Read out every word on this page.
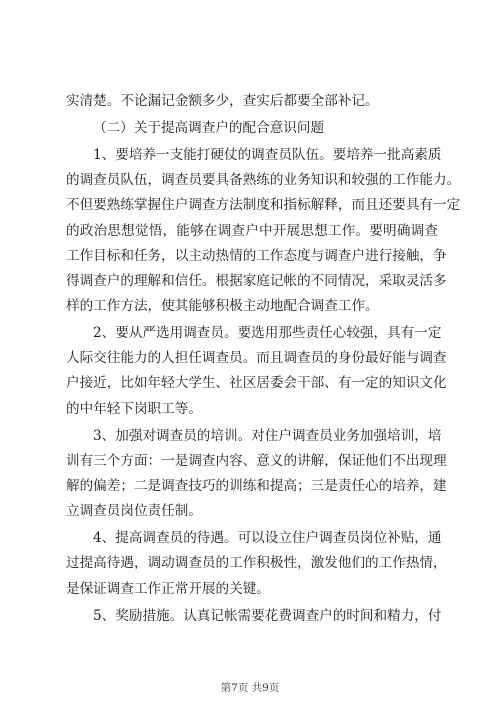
实清楚。不论漏记金额多少，查实后都要全部补记。
（二）关于提高调查户的配合意识问题
1、要培养一支能打硬仗的调查员队伍。要培养一批高素质
的调查员队伍，调查员要具备熟练的业务知识和较强的工作能力。
不但要熟练掌握住户调查方法制度和指标解释，而且还要具有一定
的政治思想觉悟，能够在调查户中开展思想工作。要明确调查
工作目标和任务，以主动热情的工作态度与调查户进行接触，争
得调查户的理解和信任。根据家庭记帐的不同情况，采取灵活多
样的工作方法，使其能够积极主动地配合调查工作。
2、要从严选用调查员。要选用那些责任心较强，具有一定
人际交往能力的人担任调查员。而且调查员的身份最好能与调查
户接近，比如年轻大学生、社区居委会干部、有一定的知识文化
的中年轻下岗职工等。
3、加强对调查员的培训。对住户调查员业务加强培训，培
训有三个方面：一是调查内容、意义的讲解，保证他们不出现理
解的偏差；二是调查技巧的训练和提高；三是责任心的培养，建
立调查员岗位责任制。
4、提高调查员的待遇。可以设立住户调查员岗位补贴，通
过提高待遇，调动调查员的工作积极性，激发他们的工作热情，
是保证调查工作正常开展的关键。
5、奖励措施。认真记帐需要花费调查户的时间和精力，付
第7页 共9页
